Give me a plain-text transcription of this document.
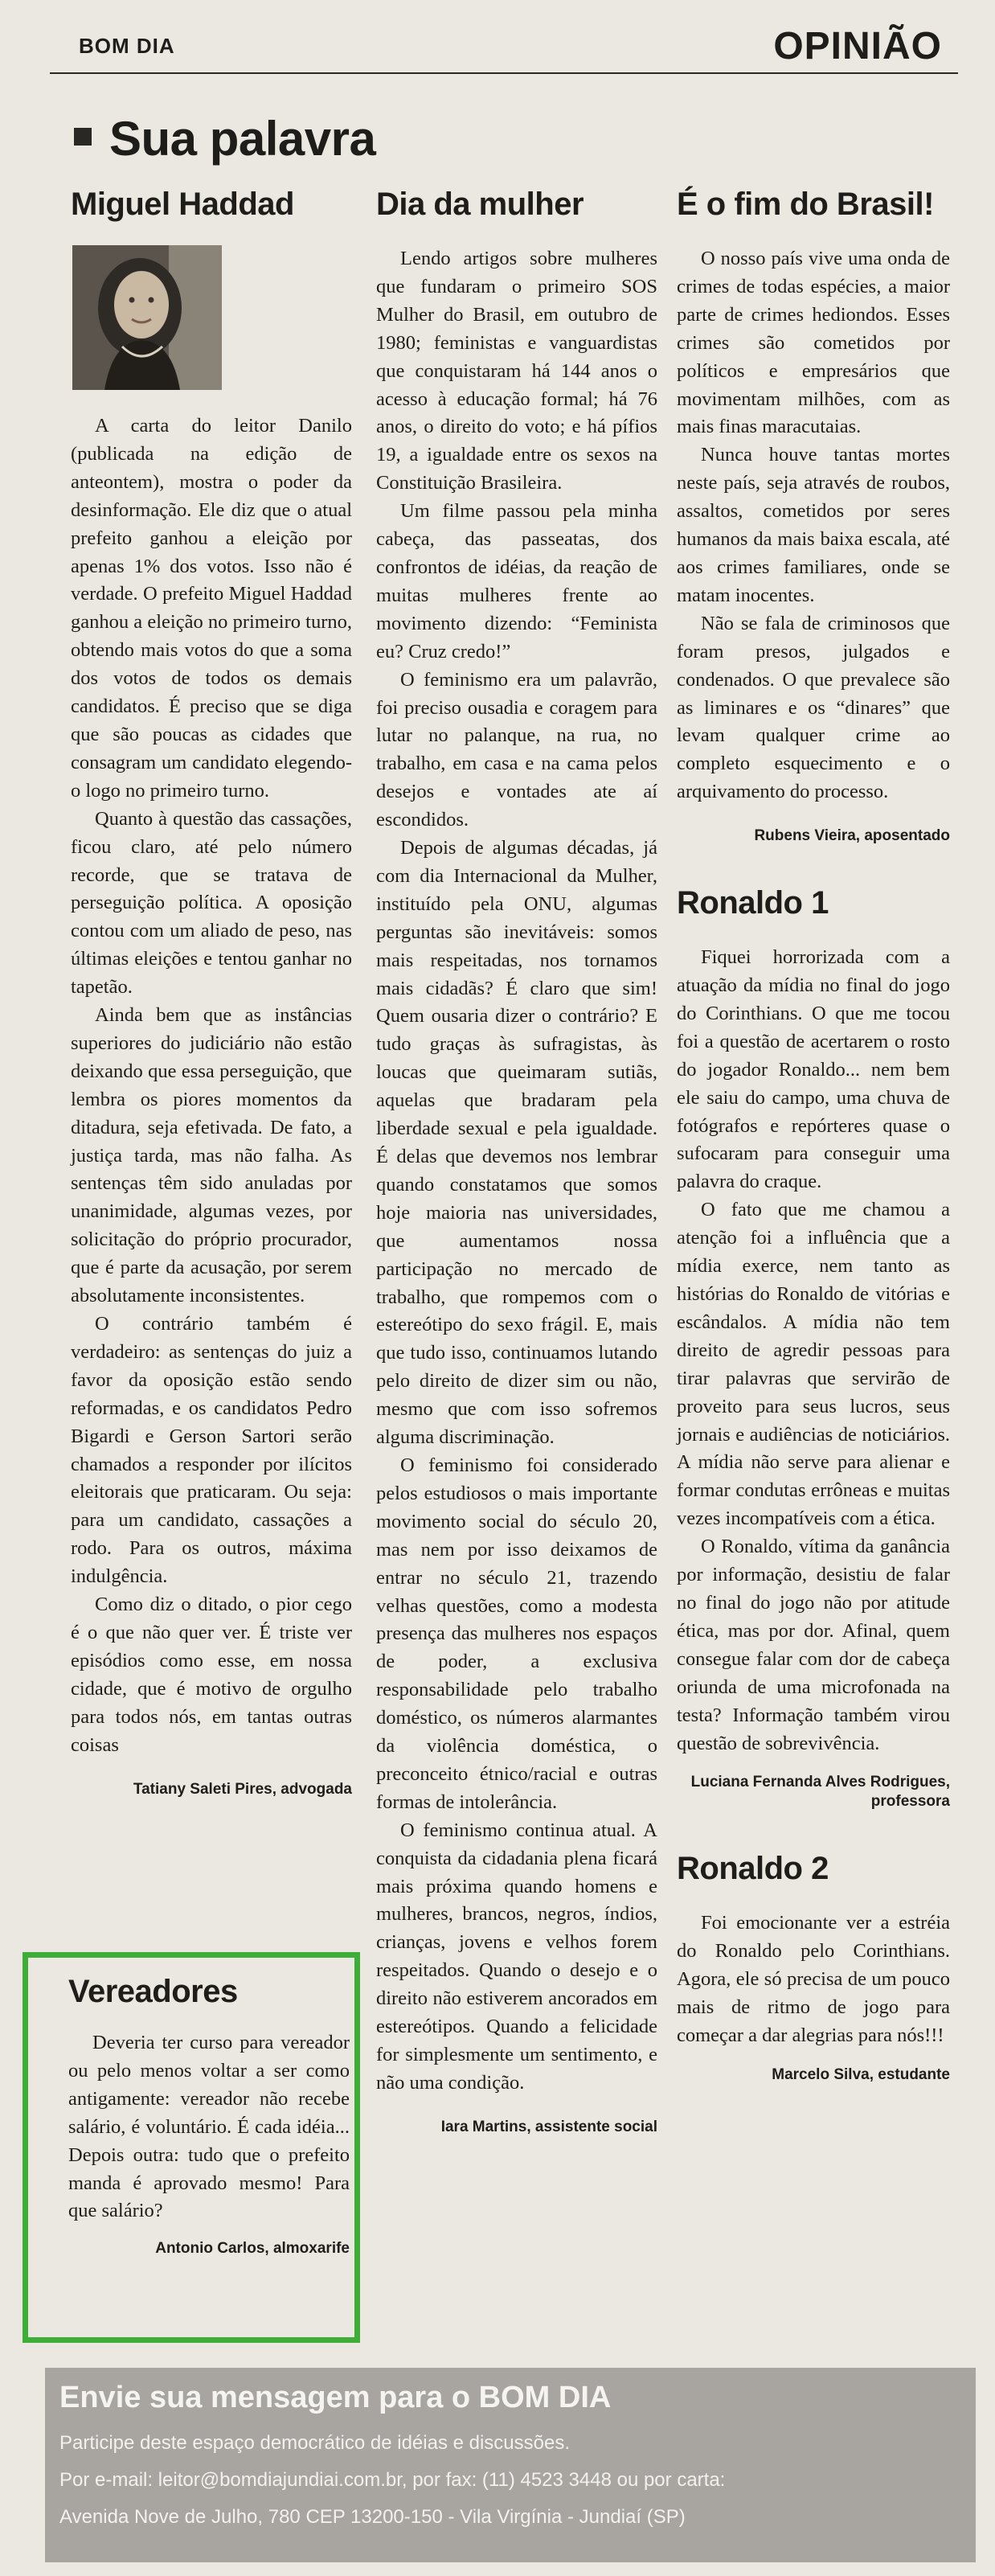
BOM DIA	OPINIÃO
Sua palavra
Miguel Haddad

A carta do leitor Danilo (publicada na edição de anteontem), mostra o poder da desinformação. Ele diz que o atual prefeito ganhou a eleição por apenas 1% dos votos. Isso não é verdade. O prefeito Miguel Haddad ganhou a eleição no primeiro turno, obtendo mais votos do que a soma dos votos de todos os demais candidatos. É preciso que se diga que são poucas as cidades que consagram um candidato elegendo-o logo no primeiro turno.

Quanto à questão das cassações, ficou claro, até pelo número recorde, que se tratava de perseguição política. A oposição contou com um aliado de peso, nas últimas eleições e tentou ganhar no tapetão.

Ainda bem que as instâncias superiores do judiciário não estão deixando que essa perseguição, que lembra os piores momentos da ditadura, seja efetivada. De fato, a justiça tarda, mas não falha. As sentenças têm sido anuladas por unanimidade, algumas vezes, por solicitação do próprio procurador, que é parte da acusação, por serem absolutamente inconsistentes.

O contrário também é verdadeiro: as sentenças do juiz a favor da oposição estão sendo reformadas, e os candidatos Pedro Bigardi e Gerson Sartori serão chamados a responder por ilícitos eleitorais que praticaram. Ou seja: para um candidato, cassações a rodo. Para os outros, máxima indulgência.

Como diz o ditado, o pior cego é o que não quer ver. É triste ver episódios como esse, em nossa cidade, que é motivo de orgulho para todos nós, em tantas outras coisas

Tatiany Saleti Pires, advogada
Vereadores

Deveria ter curso para vereador ou pelo menos voltar a ser como antigamente: vereador não recebe salário, é voluntário. É cada idéia... Depois outra: tudo que o prefeito manda é aprovado mesmo! Para que salário?

Antonio Carlos, almoxarife
Dia da mulher

Lendo artigos sobre mulheres que fundaram o primeiro SOS Mulher do Brasil, em outubro de 1980; feministas e vanguardistas que conquistaram há 144 anos o acesso à educação formal; há 76 anos, o direito do voto; e há pífios 19, a igualdade entre os sexos na Constituição Brasileira.

Um filme passou pela minha cabeça, das passeatas, dos confrontos de idéias, da reação de muitas mulheres frente ao movimento dizendo: “Feminista eu? Cruz credo!”

O feminismo era um palavrão, foi preciso ousadia e coragem para lutar no palanque, na rua, no trabalho, em casa e na cama pelos desejos e vontades ate aí escondidos.

Depois de algumas décadas, já com dia Internacional da Mulher, instituído pela ONU, algumas perguntas são inevitáveis: somos mais respeitadas, nos tornamos mais cidadãs? É claro que sim! Quem ousaria dizer o contrário? E tudo graças às sufragistas, às loucas que queimaram sutiãs, aquelas que bradaram pela liberdade sexual e pela igualdade. É delas que devemos nos lembrar quando constatamos que somos hoje maioria nas universidades, que aumentamos nossa participação no mercado de trabalho, que rompemos com o estereótipo do sexo frágil. E, mais que tudo isso, continuamos lutando pelo direito de dizer sim ou não, mesmo que com isso sofremos alguma discriminação.

O feminismo foi considerado pelos estudiosos o mais importante movimento social do século 20, mas nem por isso deixamos de entrar no século 21, trazendo velhas questões, como a modesta presença das mulheres nos espaços de poder, a exclusiva responsabilidade pelo trabalho doméstico, os números alarmantes da violência doméstica, o preconceito étnico/racial e outras formas de intolerância.

O feminismo continua atual. A conquista da cidadania plena ficará mais próxima quando homens e mulheres, brancos, negros, índios, crianças, jovens e velhos forem respeitados. Quando o desejo e o direito não estiverem ancorados em estereótipos. Quando a felicidade for simplesmente um sentimento, e não uma condição.

Iara Martins, assistente social
É o fim do Brasil!

O nosso país vive uma onda de crimes de todas espécies, a maior parte de crimes hediondos. Esses crimes são cometidos por políticos e empresários que movimentam milhões, com as mais finas maracutaias.

Nunca houve tantas mortes neste país, seja através de roubos, assaltos, cometidos por seres humanos da mais baixa escala, até aos crimes familiares, onde se matam inocentes.

Não se fala de criminosos que foram presos, julgados e condenados. O que prevalece são as liminares e os “dinares” que levam qualquer crime ao completo esquecimento e o arquivamento do processo.

Rubens Vieira, aposentado
Ronaldo 1

Fiquei horrorizada com a atuação da mídia no final do jogo do Corinthians. O que me tocou foi a questão de acertarem o rosto do jogador Ronaldo... nem bem ele saiu do campo, uma chuva de fotógrafos e repórteres quase o sufocaram para conseguir uma palavra do craque.

O fato que me chamou a atenção foi a influência que a mídia exerce, nem tanto as histórias do Ronaldo de vitórias e escândalos. A mídia não tem direito de agredir pessoas para tirar palavras que servirão de proveito para seus lucros, seus jornais e audiências de noticiários. A mídia não serve para alienar e formar condutas errôneas e muitas vezes incompatíveis com a ética.

O Ronaldo, vítima da ganância por informação, desistiu de falar no final do jogo não por atitude ética, mas por dor. Afinal, quem consegue falar com dor de cabeça oriunda de uma microfonada na testa? Informação também virou questão de sobrevivência.

Luciana Fernanda Alves Rodrigues,
professora
Ronaldo 2

Foi emocionante ver a estréia do Ronaldo pelo Corinthians. Agora, ele só precisa de um pouco mais de ritmo de jogo para começar a dar alegrias para nós!!!

Marcelo Silva, estudante
Envie sua mensagem para o BOM DIA
Participe deste espaço democrático de idéias e discussões.
Por e-mail: leitor@bomdiajundiai.com.br, por fax: (11) 4523 3448 ou por carta:
Avenida Nove de Julho, 780 CEP 13200-150 - Vila Virgínia - Jundiaí (SP)
